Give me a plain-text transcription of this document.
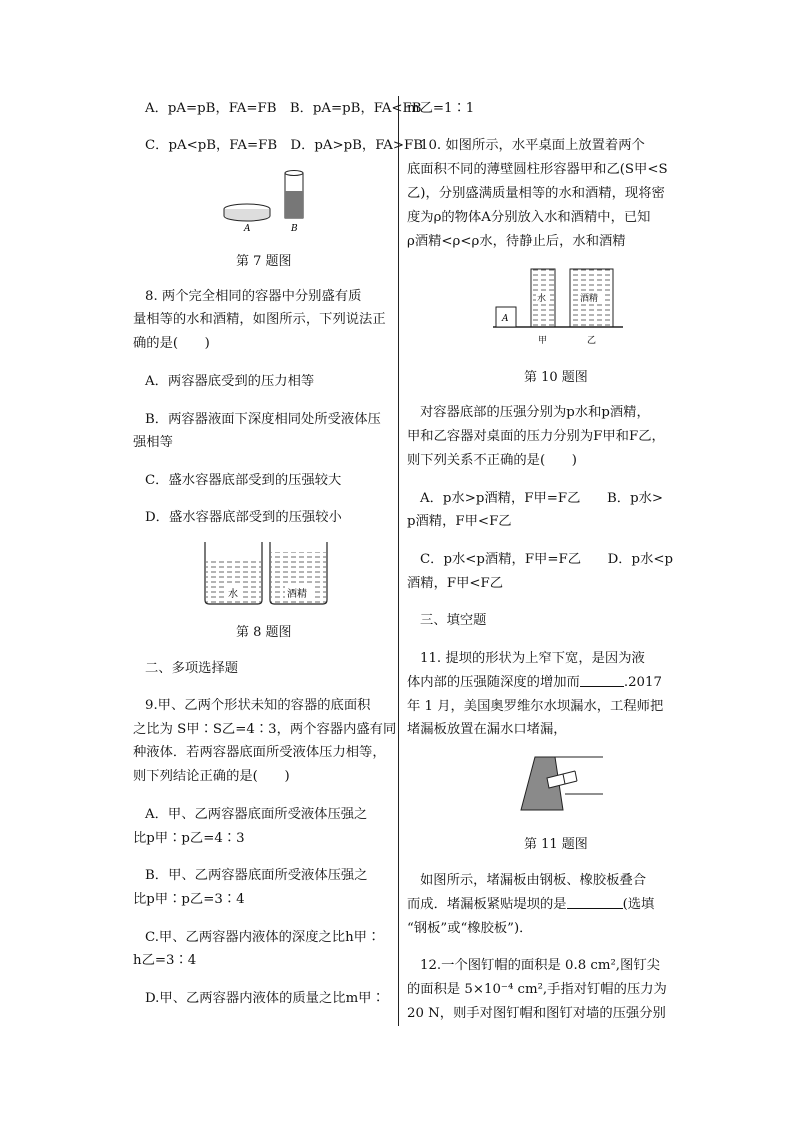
A．pA=pB，FA=FB　B．pA=pB，FA<FB
C．pA<pB，FA=FB　D．pA>pB，FA>FB
A	B
第 7 题图
8. 两个完全相同的容器中分别盛有质
量相等的水和酒精，如图所示，下列说法正
确的是(　　)
A．两容器底受到的压力相等
B．两容器液面下深度相同处所受液体压
强相等
C．盛水容器底部受到的压强较大
D．盛水容器底部受到的压强较小
水	酒精
第 8 题图
二、多项选择题
9.甲、乙两个形状未知的容器的底面积
之比为 S甲∶S乙=4∶3，两个容器内盛有同
种液体．若两容器底面所受液体压力相等，
则下列结论正确的是(　　)
A．甲、乙两容器底面所受液体压强之
比p甲∶p乙=4∶3
B．甲、乙两容器底面所受液体压强之
比p甲∶p乙=3∶4
C.甲、乙两容器内液体的深度之比h甲∶
h乙=3∶4
D.甲、乙两容器内液体的质量之比m甲∶
m乙=1∶1
10. 如图所示，水平桌面上放置着两个
底面积不同的薄壁圆柱形容器甲和乙(S甲<S
乙)，分别盛满质量相等的水和酒精，现将密
度为ρ的物体A分别放入水和酒精中，已知
ρ酒精<ρ<ρ水，待静止后，水和酒精
A
水	酒精
甲	乙
第 10 题图
对容器底部的压强分别为p水和p酒精，
甲和乙容器对桌面的压力分别为F甲和F乙，
则下列关系不正确的是(　　)
A．p水>p酒精，F甲=F乙　　B．p水>
p酒精，F甲<F乙
C．p水<p酒精，F甲=F乙　　D．p水<p
酒精，F甲<F乙
三、填空题
11. 提坝的形状为上窄下宽，是因为液
体内部的压强随深度的增加而	.2017
年 1 月，美国奥罗维尔水坝漏水，工程师把
堵漏板放置在漏水口堵漏，
第 11 题图
如图所示，堵漏板由钢板、橡胶板叠合
而成．堵漏板紧贴堤坝的是	(选填
“钢板”或“橡胶板”)．
12.一个图钉帽的面积是 0.8 cm²,图钉尖
的面积是 5×10⁻⁴ cm²,手指对钉帽的压力为
20 N，则手对图钉帽和图钉对墙的压强分别
